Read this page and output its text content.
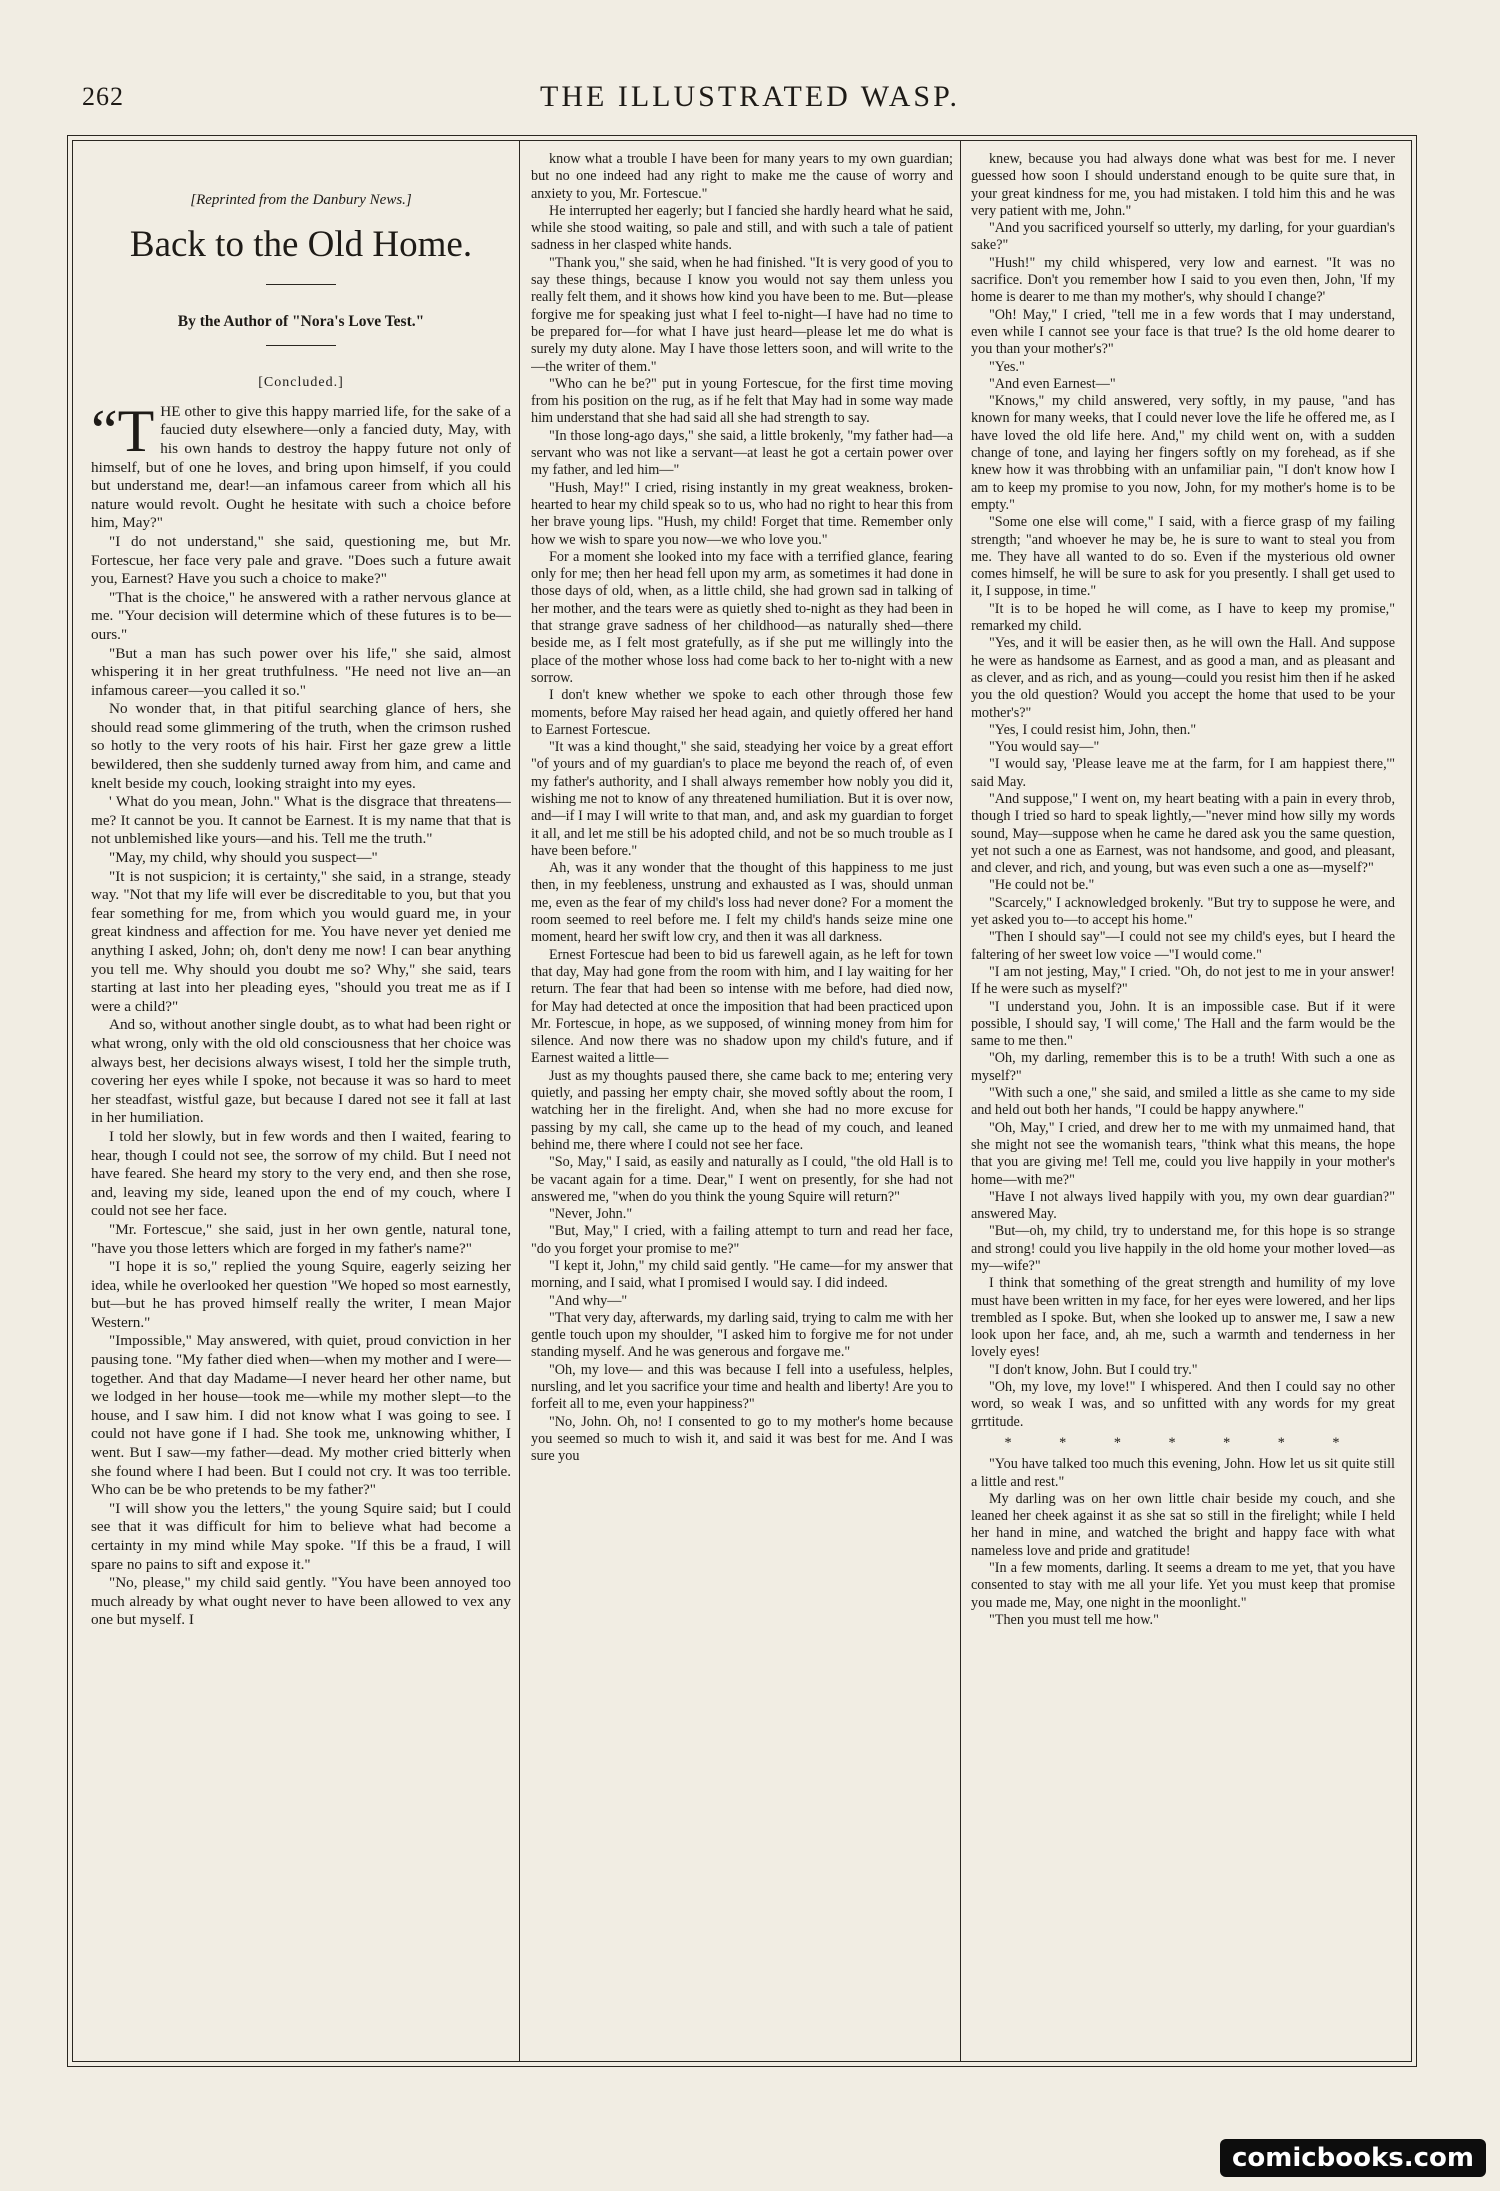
262	THE ILLUSTRATED WASP.
[Reprinted from the Danbury News.]
Back to the Old Home.
By the Author of "Nora's Love Test."
[Concluded.]

“THE other to give this happy married life, for the sake of a faucied duty elsewhere—only a fancied duty, May, with his own hands to destroy the happy future not only of himself, but of one he loves, and bring upon himself, if you could but understand me, dear!—an infamous career from which all his nature would revolt. Ought he hesitate with such a choice before him, May?"

"I do not understand," she said, questioning me, but Mr. Fortescue, her face very pale and grave. "Does such a future await you, Earnest? Have you such a choice to make?"

"That is the choice," he answered with a rather nervous glance at me. "Your decision will determine which of these futures is to be—ours."

"But a man has such power over his life," she said, almost whispering it in her great truthfulness. "He need not live an—an infamous career—you called it so."

No wonder that, in that pitiful searching glance of hers, she should read some glimmering of the truth, when the crimson rushed so hotly to the very roots of his hair. First her gaze grew a little bewildered, then she suddenly turned away from him, and came and knelt beside my couch, looking straight into my eyes.

' What do you mean, John." What is the disgrace that threatens—me? It cannot be you. It cannot be Earnest. It is my name that that is not unblemished like yours—and his. Tell me the truth."

"May, my child, why should you suspect—"

"It is not suspicion; it is certainty," she said, in a strange, steady way. "Not that my life will ever be discreditable to you, but that you fear something for me, from which you would guard me, in your great kindness and affection for me. You have never yet denied me anything I asked, John; oh, don't deny me now! I can bear anything you tell me. Why should you doubt me so? Why," she said, tears starting at last into her pleading eyes, "should you treat me as if I were a child?"

And so, without another single doubt, as to what had been right or what wrong, only with the old old consciousness that her choice was always best, her decisions always wisest, I told her the simple truth, covering her eyes while I spoke, not because it was so hard to meet her steadfast, wistful gaze, but because I dared not see it fall at last in her humiliation.

I told her slowly, but in few words and then I waited, fearing to hear, though I could not see, the sorrow of my child. But I need not have feared. She heard my story to the very end, and then she rose, and, leaving my side, leaned upon the end of my couch, where I could not see her face.

"Mr. Fortescue," she said, just in her own gentle, natural tone, "have you those letters which are forged in my father's name?"

"I hope it is so," replied the young Squire, eagerly seizing her idea, while he overlooked her question "We hoped so most earnestly, but—but he has proved himself really the writer, I mean Major Western."

"Impossible," May answered, with quiet, proud conviction in her pausing tone. "My father died when—when my mother and I were—together. And that day Madame—I never heard her other name, but we lodged in her house—took me—while my mother slept—to the house, and I saw him. I did not know what I was going to see. I could not have gone if I had. She took me, unknowing whither, I went. But I saw—my father—dead. My mother cried bitterly when she found where I had been. But I could not cry. It was too terrible. Who can be be who pretends to be my father?"

"I will show you the letters," the young Squire said; but I could see that it was difficult for him to believe what had become a certainty in my mind while May spoke. "If this be a fraud, I will spare no pains to sift and expose it."

"No, please," my child said gently. "You have been annoyed too much already by what ought never to have been allowed to vex any one but myself. I

know what a trouble I have been for many years to my own guardian; but no one indeed had any right to make me the cause of worry and anxiety to you, Mr. Fortescue."

He interrupted her eagerly; but I fancied she hardly heard what he said, while she stood waiting, so pale and still, and with such a tale of patient sadness in her clasped white hands.

"Thank you," she said, when he had finished. "It is very good of you to say these things, because I know you would not say them unless you really felt them, and it shows how kind you have been to me. But—please forgive me for speaking just what I feel to-night—I have had no time to be prepared for—for what I have just heard—please let me do what is surely my duty alone. May I have those letters soon, and will write to the—the writer of them."

"Who can he be?" put in young Fortescue, for the first time moving from his position on the rug, as if he felt that May had in some way made him understand that she had said all she had strength to say.

"In those long-ago days," she said, a little brokenly, "my father had—a servant who was not like a servant—at least he got a certain power over my father, and led him—"

"Hush, May!" I cried, rising instantly in my great weakness, broken-hearted to hear my child speak so to us, who had no right to hear this from her brave young lips. "Hush, my child! Forget that time. Remember only how we wish to spare you now—we who love you."

For a moment she looked into my face with a terrified glance, fearing only for me; then her head fell upon my arm, as sometimes it had done in those days of old, when, as a little child, she had grown sad in talking of her mother, and the tears were as quietly shed to-night as they had been in that strange grave sadness of her childhood—as naturally shed—there beside me, as I felt most gratefully, as if she put me willingly into the place of the mother whose loss had come back to her to-night with a new sorrow.

I don't knew whether we spoke to each other through those few moments, before May raised her head again, and quietly offered her hand to Earnest Fortescue.

"It was a kind thought," she said, steadying her voice by a great effort "of yours and of my guardian's to place me beyond the reach of, of even my father's authority, and I shall always remember how nobly you did it, wishing me not to know of any threatened humiliation. But it is over now, and—if I may I will write to that man, and, and ask my guardian to forget it all, and let me still be his adopted child, and not be so much trouble as I have been before."

Ah, was it any wonder that the thought of this happiness to me just then, in my feebleness, unstrung and exhausted as I was, should unman me, even as the fear of my child's loss had never done? For a moment the room seemed to reel before me. I felt my child's hands seize mine one moment, heard her swift low cry, and then it was all darkness.

Ernest Fortescue had been to bid us farewell again, as he left for town that day, May had gone from the room with him, and I lay waiting for her return. The fear that had been so intense with me before, had died now, for May had detected at once the imposition that had been practiced upon Mr. Fortescue, in hope, as we supposed, of winning money from him for silence. And now there was no shadow upon my child's future, and if Earnest waited a little—

Just as my thoughts paused there, she came back to me; entering very quietly, and passing her empty chair, she moved softly about the room, I watching her in the firelight. And, when she had no more excuse for passing by my call, she came up to the head of my couch, and leaned behind me, there where I could not see her face.

"So, May," I said, as easily and naturally as I could, "the old Hall is to be vacant again for a time. Dear," I went on presently, for she had not answered me, "when do you think the young Squire will return?"

"Never, John."

"But, May," I cried, with a failing attempt to turn and read her face, "do you forget your promise to me?"

"I kept it, John," my child said gently. "He came—for my answer that morning, and I said, what I promised I would say. I did indeed.

"And why—"

"That very day, afterwards, my darling said, trying to calm me with her gentle touch upon my shoulder, "I asked him to forgive me for not under standing myself. And he was generous and forgave me."

"Oh, my love— and this was because I fell into a usefuless, helples, nursling, and let you sacrifice your time and health and liberty! Are you to forfeit all to me, even your happiness?"

"No, John. Oh, no! I consented to go to my mother's home because you seemed so much to wish it, and said it was best for me. And I was sure you

knew, because you had always done what was best for me. I never guessed how soon I should understand enough to be quite sure that, in your great kindness for me, you had mistaken. I told him this and he was very patient with me, John."

"And you sacrificed yourself so utterly, my darling, for your guardian's sake?"

"Hush!" my child whispered, very low and earnest. "It was no sacrifice. Don't you remember how I said to you even then, John, 'If my home is dearer to me than my mother's, why should I change?'

"Oh! May," I cried, "tell me in a few words that I may understand, even while I cannot see your face is that true? Is the old home dearer to you than your mother's?"

"Yes."

"And even Earnest—"

"Knows," my child answered, very softly, in my pause, "and has known for many weeks, that I could never love the life he offered me, as I have loved the old life here. And," my child went on, with a sudden change of tone, and laying her fingers softly on my forehead, as if she knew how it was throbbing with an unfamiliar pain, "I don't know how I am to keep my promise to you now, John, for my mother's home is to be empty."

"Some one else will come," I said, with a fierce grasp of my failing strength; "and whoever he may be, he is sure to want to steal you from me. They have all wanted to do so. Even if the mysterious old owner comes himself, he will be sure to ask for you presently. I shall get used to it, I suppose, in time."

"It is to be hoped he will come, as I have to keep my promise," remarked my child.

"Yes, and it will be easier then, as he will own the Hall. And suppose he were as handsome as Earnest, and as good a man, and as pleasant and as clever, and as rich, and as young—could you resist him then if he asked you the old question? Would you accept the home that used to be your mother's?"

"Yes, I could resist him, John, then."

"You would say—"

"I would say, 'Please leave me at the farm, for I am happiest there,'" said May.

"And suppose," I went on, my heart beating with a pain in every throb, though I tried so hard to speak lightly,—"never mind how silly my words sound, May—suppose when he came he dared ask you the same question, yet not such a one as Earnest, was not handsome, and good, and pleasant, and clever, and rich, and young, but was even such a one as—myself?"

"He could not be."

"Scarcely," I acknowledged brokenly. "But try to suppose he were, and yet asked you to—to accept his home."

"Then I should say"—I could not see my child's eyes, but I heard the faltering of her sweet low voice —"I would come."

"I am not jesting, May," I cried. "Oh, do not jest to me in your answer! If he were such as myself?"

"I understand you, John. It is an impossible case. But if it were possible, I should say, 'I will come,' The Hall and the farm would be the same to me then."

"Oh, my darling, remember this is to be a truth! With such a one as myself?"

"With such a one," she said, and smiled a little as she came to my side and held out both her hands, "I could be happy anywhere."

"Oh, May," I cried, and drew her to me with my unmaimed hand, that she might not see the womanish tears, "think what this means, the hope that you are giving me! Tell me, could you live happily in your mother's home—with me?"

"Have I not always lived happily with you, my own dear guardian?" answered May.

"But—oh, my child, try to understand me, for this hope is so strange and strong! could you live happily in the old home your mother loved—as my—wife?"

I think that something of the great strength and humility of my love must have been written in my face, for her eyes were lowered, and her lips trembled as I spoke. But, when she looked up to answer me, I saw a new look upon her face, and, ah me, such a warmth and tenderness in her lovely eyes!

"I don't know, John. But I could try."

"Oh, my love, my love!" I whispered. And then I could say no other word, so weak I was, and so unfitted with any words for my great grrtitude.

* * * * * * *

"You have talked too much this evening, John. How let us sit quite still a little and rest."

My darling was on her own little chair beside my couch, and she leaned her cheek against it as she sat so still in the firelight; while I held her hand in mine, and watched the bright and happy face with what nameless love and pride and gratitude!

"In a few moments, darling. It seems a dream to me yet, that you have consented to stay with me all your life. Yet you must keep that promise you made me, May, one night in the moonlight."

"Then you must tell me how."

comicbooks.com
